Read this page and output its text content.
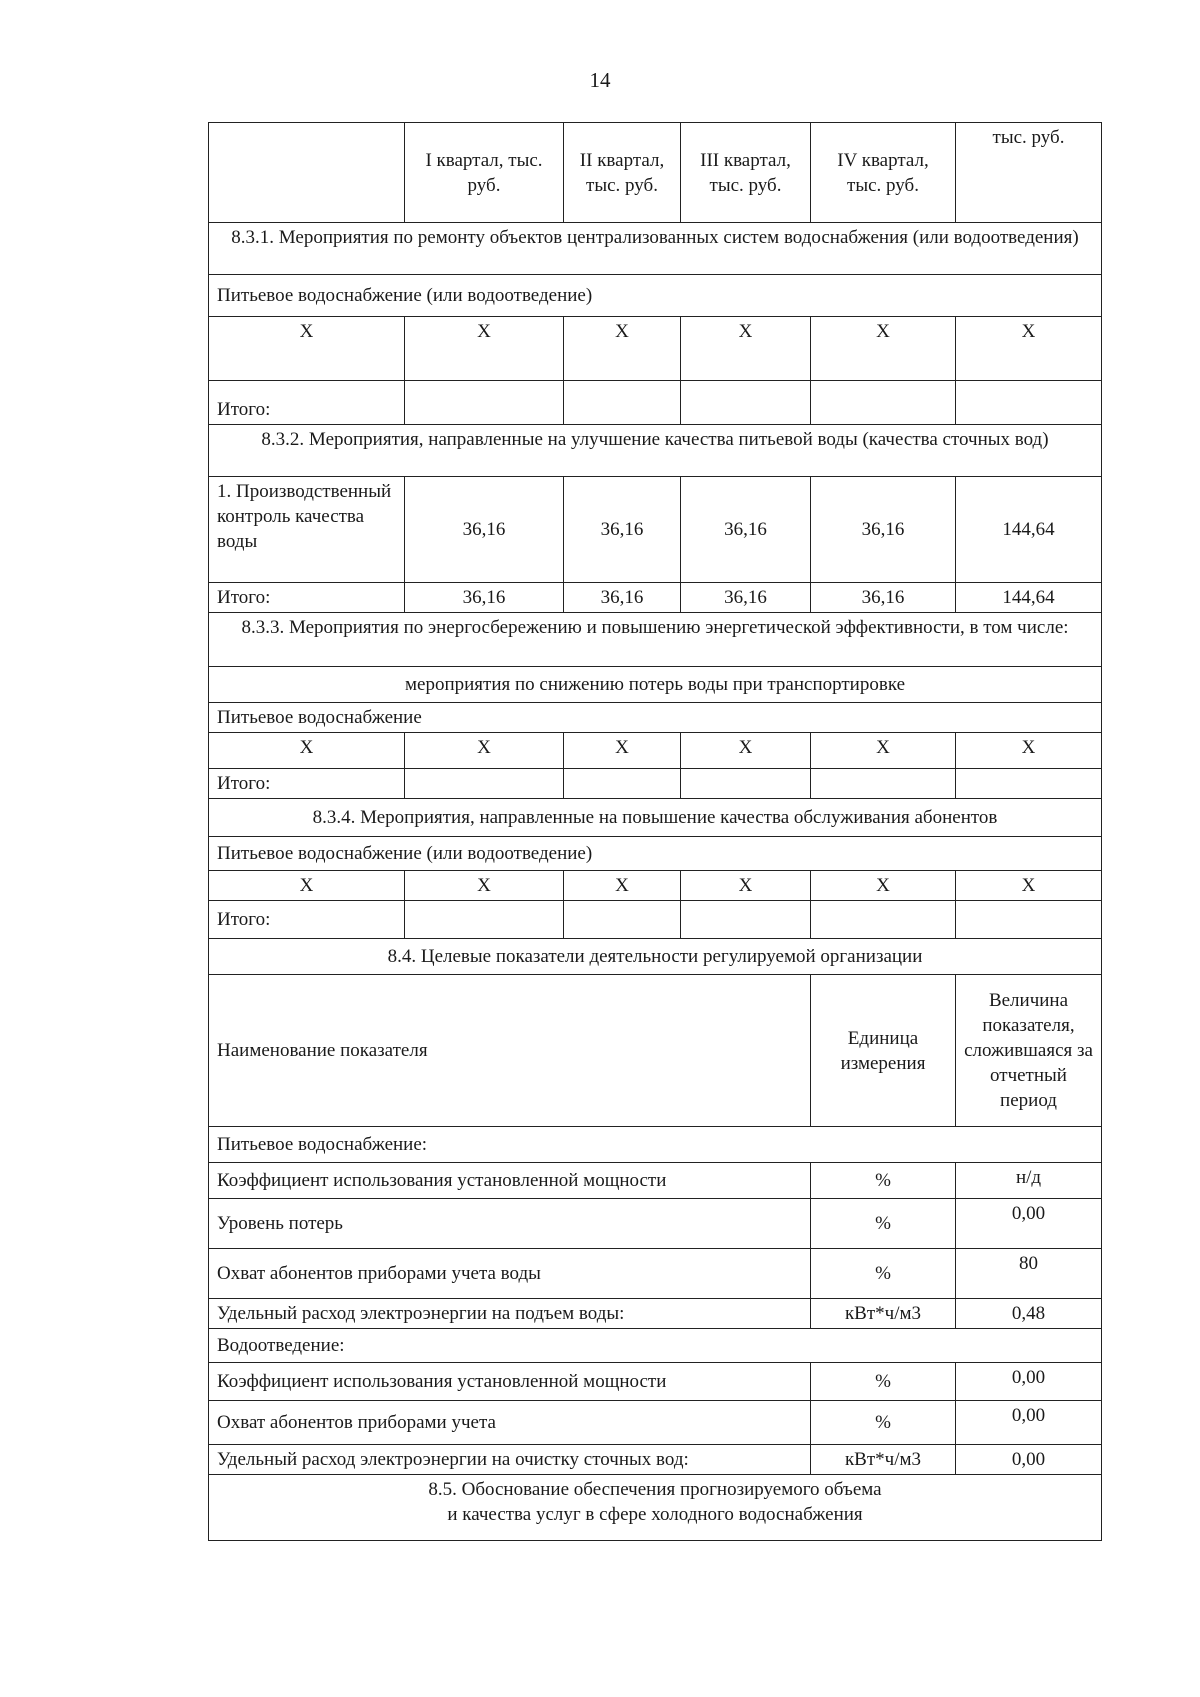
14
	I квартал, тыс. руб.	II квартал, тыс. руб.	III квартал, тыс. руб.	IV квартал, тыс. руб.	тыс. руб.
8.3.1. Мероприятия по ремонту объектов централизованных систем водоснабжения (или водоотведения)					
Питьевое водоснабжение (или водоотведение)					
Х	Х	Х	Х	Х	Х
Итого:					
8.3.2. Мероприятия, направленные на улучшение качества питьевой воды (качества сточных вод)					
1. Производственный контроль качества воды	36,16	36,16	36,16	36,16	144,64
Итого:	36,16	36,16	36,16	36,16	144,64
8.3.3. Мероприятия по энергосбережению и повышению энергетической эффективности, в том числе:					
мероприятия по снижению потерь воды при транспортировке					
Питьевое водоснабжение					
Х	Х	Х	Х	Х	Х
Итого:					
8.3.4. Мероприятия, направленные на повышение качества обслуживания абонентов					
Питьевое водоснабжение (или водоотведение)					
Х	Х	Х	Х	Х	Х
Итого:					
8.4. Целевые показатели деятельности регулируемой организации					
Наименование показателя				Единица измерения	Величина показателя, сложившаяся за отчетный период
Питьевое водоснабжение:					
Коэффициент использования установленной мощности				%	н/д
Уровень потерь				%	0,00
Охват абонентов приборами учета воды				%	80
Удельный расход электроэнергии на подъем воды:				кВт*ч/м3	0,48
Водоотведение:					
Коэффициент использования установленной мощности				%	0,00
Охват абонентов приборами учета				%	0,00
Удельный расход электроэнергии на очистку сточных вод:				кВт*ч/м3	0,00

8.5. Обоснование обеспечения прогнозируемого объема
и качества услуг в сфере холодного водоснабжения					
